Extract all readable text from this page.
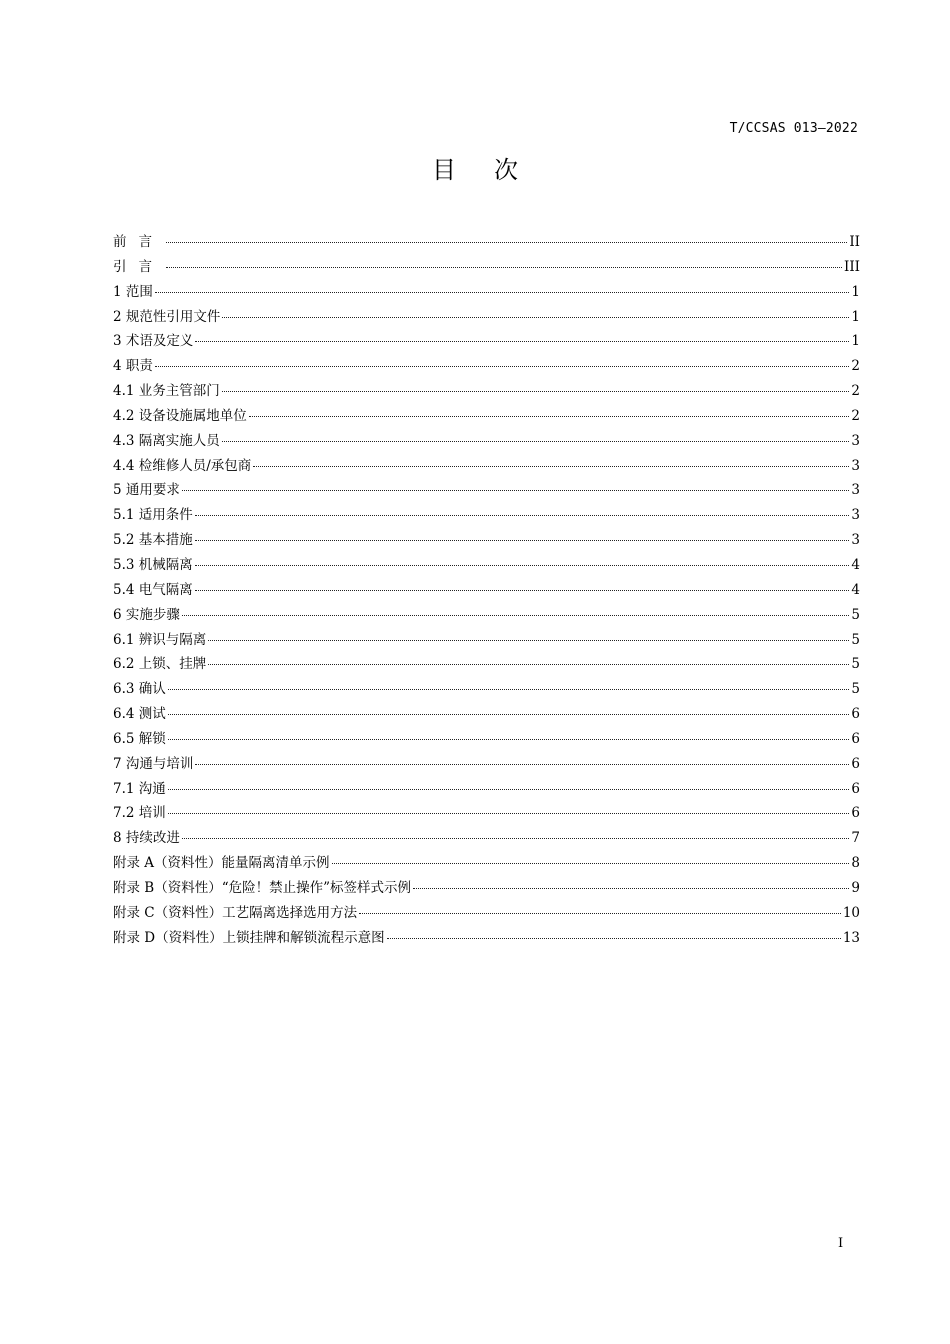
T/CCSAS 013—2022
目次
前言	II
引言	III
1 范围	1
2 规范性引用文件	1
3 术语及定义	1
4 职责	2
4.1 业务主管部门	2
4.2 设备设施属地单位	2
4.3 隔离实施人员	3
4.4 检维修人员/承包商	3
5 通用要求	3
5.1 适用条件	3
5.2 基本措施	3
5.3 机械隔离	4
5.4 电气隔离	4
6 实施步骤	5
6.1 辨识与隔离	5
6.2 上锁、挂牌	5
6.3 确认	5
6.4 测试	6
6.5 解锁	6
7 沟通与培训	6
7.1 沟通	6
7.2 培训	6
8 持续改进	7
附录 A（资料性）能量隔离清单示例	8
附录 B（资料性）“危险！禁止操作”标签样式示例	9
附录 C（资料性）工艺隔离选择选用方法	10
附录 D（资料性）上锁挂牌和解锁流程示意图	13
I
